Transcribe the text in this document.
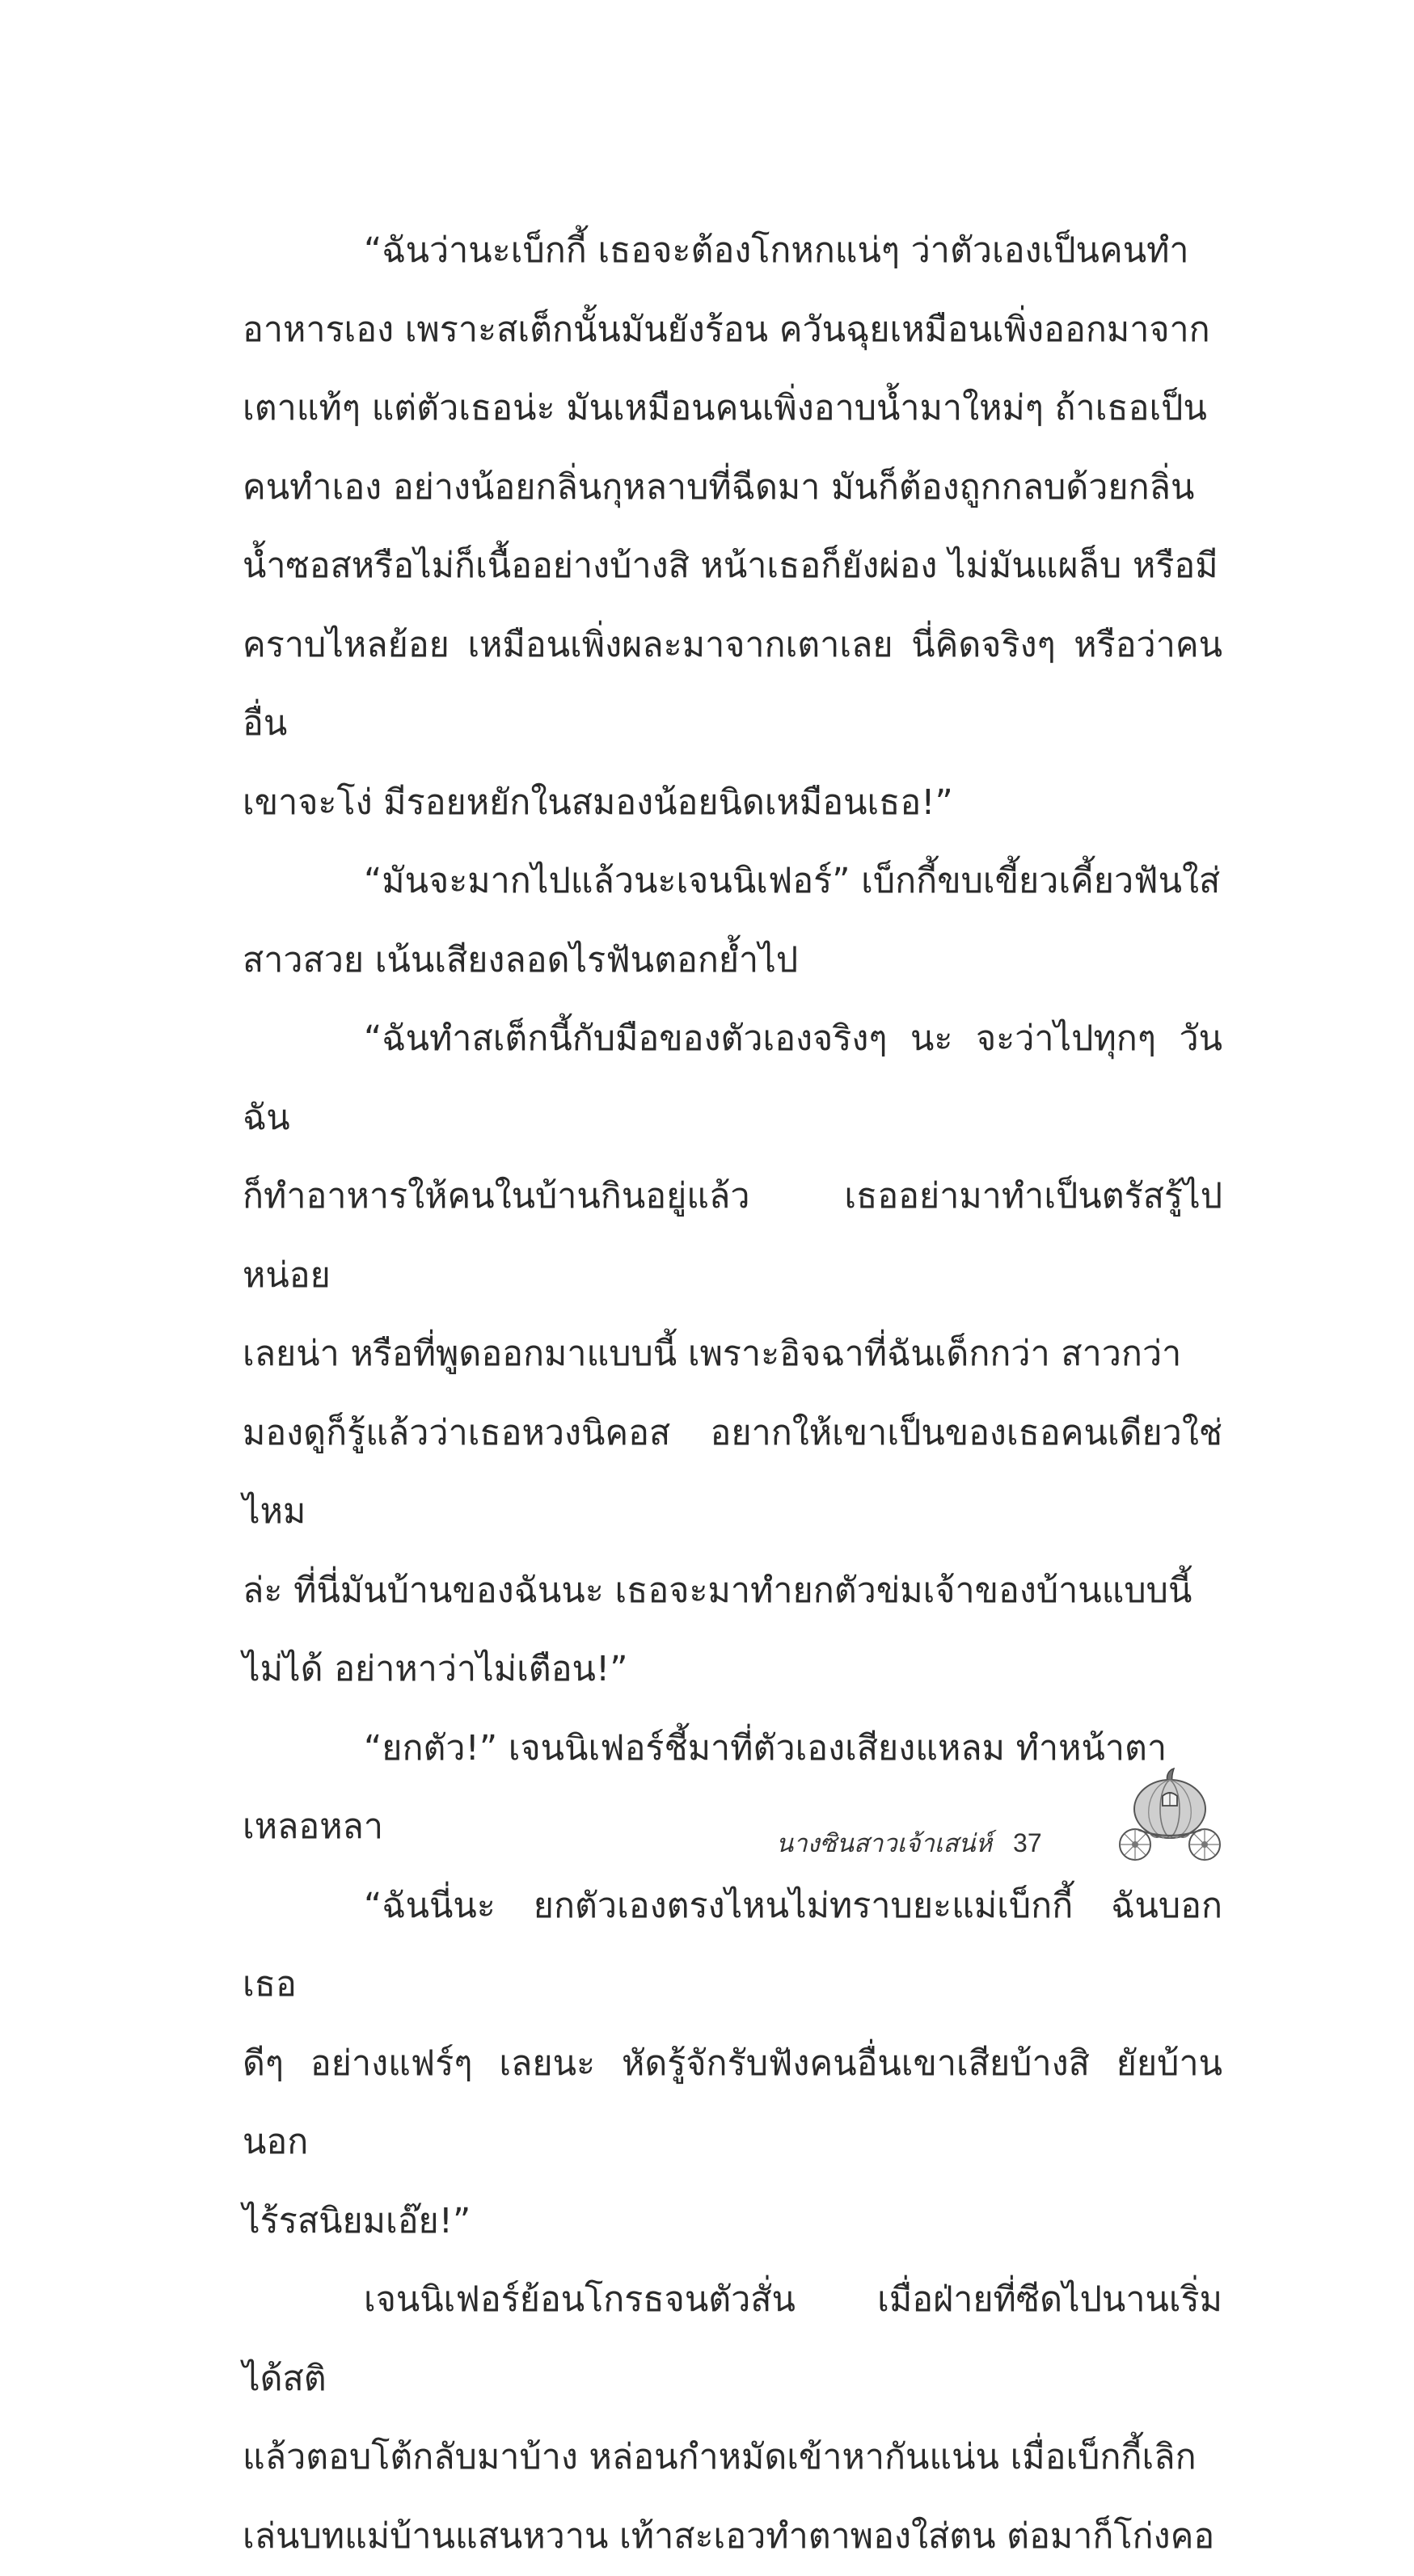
“ฉันว่านะเบ็กกี้ เธอจะต้องโกหกแน่ๆ ว่าตัวเองเป็นคนทำ
อาหารเอง เพราะสเต็กนั้นมันยังร้อน ควันฉุยเหมือนเพิ่งออกมาจาก
เตาแท้ๆ แต่ตัวเธอน่ะ มันเหมือนคนเพิ่งอาบน้ำมาใหม่ๆ ถ้าเธอเป็น
คนทำเอง อย่างน้อยกลิ่นกุหลาบที่ฉีดมา มันก็ต้องถูกกลบด้วยกลิ่น
น้ำซอสหรือไม่ก็เนื้ออย่างบ้างสิ หน้าเธอก็ยังผ่อง ไม่มันแผล็บ หรือมี
คราบไหลย้อย เหมือนเพิ่งผละมาจากเตาเลย นี่คิดจริงๆ หรือว่าคนอื่น
เขาจะโง่ มีรอยหยักในสมองน้อยนิดเหมือนเธอ!”

“มันจะมากไปแล้วนะเจนนิเฟอร์” เบ็กกี้ขบเขี้ยวเคี้ยวฟันใส่
สาวสวย เน้นเสียงลอดไรฟันตอกย้ำไป

“ฉันทำสเต็กนี้กับมือของตัวเองจริงๆ นะ จะว่าไปทุกๆ วันฉัน
ก็ทำอาหารให้คนในบ้านกินอยู่แล้ว เธออย่ามาทำเป็นตรัสรู้ไปหน่อย
เลยน่า หรือที่พูดออกมาแบบนี้ เพราะอิจฉาที่ฉันเด็กกว่า สาวกว่า
มองดูก็รู้แล้วว่าเธอหวงนิคอส อยากให้เขาเป็นของเธอคนเดียวใช่ไหม
ล่ะ ที่นี่มันบ้านของฉันนะ เธอจะมาทำยกตัวข่มเจ้าของบ้านแบบนี้
ไม่ได้ อย่าหาว่าไม่เตือน!”

“ยกตัว!” เจนนิเฟอร์ชี้มาที่ตัวเองเสียงแหลม ทำหน้าตา
เหลอหลา

“ฉันนี่นะ ยกตัวเองตรงไหนไม่ทราบยะแม่เบ็กกี้ ฉันบอกเธอ
ดีๆ อย่างแฟร์ๆ เลยนะ หัดรู้จักรับฟังคนอื่นเขาเสียบ้างสิ ยัยบ้านนอก
ไร้รสนิยมเอ๊ย!”

เจนนิเฟอร์ย้อนโกรธจนตัวสั่น เมื่อฝ่ายที่ซีดไปนานเริ่มได้สติ
แล้วตอบโต้กลับมาบ้าง หล่อนกำหมัดเข้าหากันแน่น เมื่อเบ็กกี้เลิก
เล่นบทแม่บ้านแสนหวาน เท้าสะเอวทำตาพองใส่ตน ต่อมาก็โก่งคอ

นางซินสาวเจ้าเสน่ห์ 37
